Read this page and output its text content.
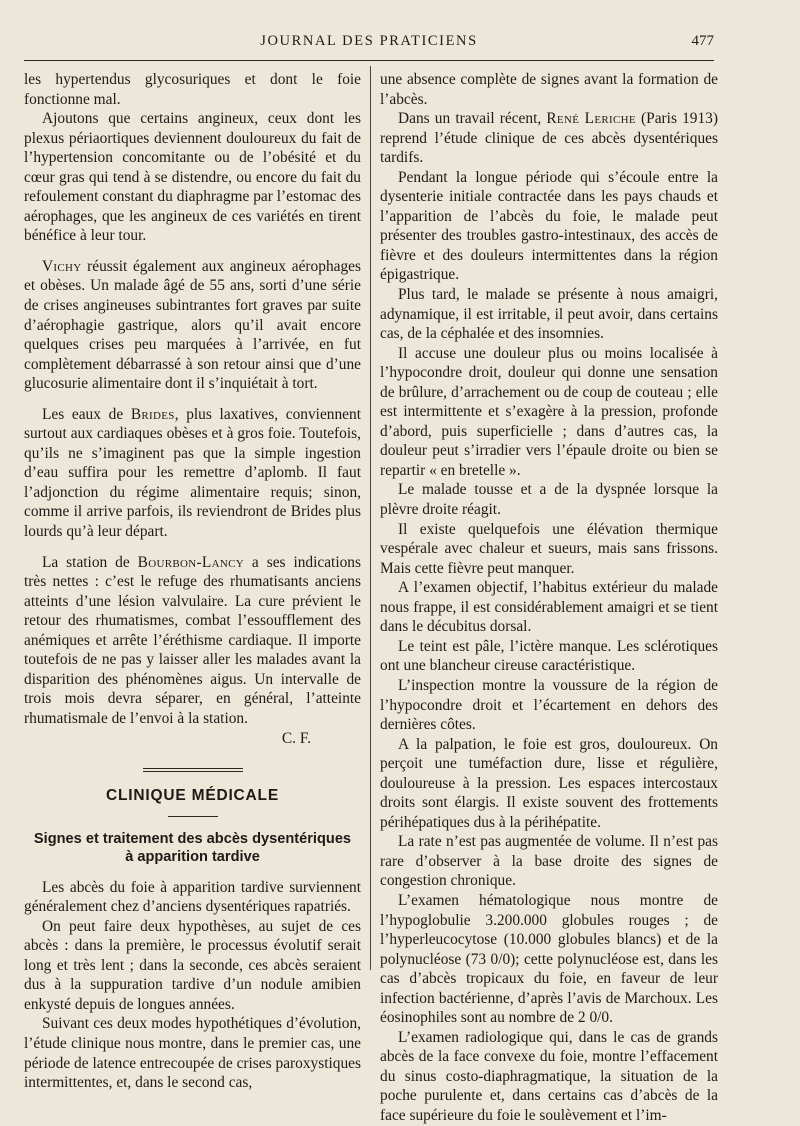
JOURNAL DES PRATICIENS	477

les hypertendus glycosuriques et dont le foie fonctionne mal.

Ajoutons que certains angineux, ceux dont les plexus périaortiques deviennent douloureux du fait de l’hypertension concomitante ou de l’obésité et du cœur gras qui tend à se distendre, ou encore du fait du refoulement constant du diaphragme par l’estomac des aérophages, que les angineux de ces variétés en tirent bénéfice à leur tour.

Vichy réussit également aux angineux aérophages et obèses. Un malade âgé de 55 ans, sorti d’une série de crises angineuses subintrantes fort graves par suite d’aérophagie gastrique, alors qu’il avait encore quelques crises peu marquées à l’arrivée, en fut complètement débarrassé à son retour ainsi que d’une glucosurie alimentaire dont il s’inquiétait à tort.

Les eaux de Brides, plus laxatives, conviennent surtout aux cardiaques obèses et à gros foie. Toutefois, qu’ils ne s’imaginent pas que la simple ingestion d’eau suffira pour les remettre d’aplomb. Il faut l’adjonction du régime alimentaire requis; sinon, comme il arrive parfois, ils reviendront de Brides plus lourds qu’à leur départ.

La station de Bourbon-Lancy a ses indications très nettes : c’est le refuge des rhumatisants anciens atteints d’une lésion valvulaire. La cure prévient le retour des rhumatismes, combat l’essoufflement des anémiques et arrête l’éréthisme cardiaque. Il importe toutefois de ne pas y laisser aller les malades avant la disparition des phénomènes aigus. Un intervalle de trois mois devra séparer, en général, l’atteinte rhumatismale de l’envoi à la station.

C. F.

CLINIQUE MÉDICALE
Signes et traitement des abcès dysentériques
à apparition tardive

Les abcès du foie à apparition tardive surviennent généralement chez d’anciens dysentériques rapatriés.

On peut faire deux hypothèses, au sujet de ces abcès : dans la première, le processus évolutif serait long et très lent ; dans la seconde, ces abcès seraient dus à la suppuration tardive d’un nodule amibien enkysté depuis de longues années.

Suivant ces deux modes hypothétiques d’évolution, l’étude clinique nous montre, dans le premier cas, une période de latence entrecoupée de crises paroxystiques intermittentes, et, dans le second cas,

une absence complète de signes avant la formation de l’abcès.

Dans un travail récent, René Leriche (Paris 1913) reprend l’étude clinique de ces abcès dysentériques tardifs.

Pendant la longue période qui s’écoule entre la dysenterie initiale contractée dans les pays chauds et l’apparition de l’abcès du foie, le malade peut présenter des troubles gastro-intestinaux, des accès de fièvre et des douleurs intermittentes dans la région épigastrique.

Plus tard, le malade se présente à nous amaigri, adynamique, il est irritable, il peut avoir, dans certains cas, de la céphalée et des insomnies.

Il accuse une douleur plus ou moins localisée à l’hypocondre droit, douleur qui donne une sensation de brûlure, d’arrachement ou de coup de couteau ; elle est intermittente et s’exagère à la pression, profonde d’abord, puis superficielle ; dans d’autres cas, la douleur peut s’irradier vers l’épaule droite ou bien se repartir « en bretelle ».

Le malade tousse et a de la dyspnée lorsque la plèvre droite réagit.

Il existe quelquefois une élévation thermique vespérale avec chaleur et sueurs, mais sans frissons. Mais cette fièvre peut manquer.

A l’examen objectif, l’habitus extérieur du malade nous frappe, il est considérablement amaigri et se tient dans le décubitus dorsal.

Le teint est pâle, l’ictère manque. Les sclérotiques ont une blancheur cireuse caractéristique.

L’inspection montre la voussure de la région de l’hypocondre droit et l’écartement en dehors des dernières côtes.

A la palpation, le foie est gros, douloureux. On perçoit une tuméfaction dure, lisse et régulière, douloureuse à la pression. Les espaces intercostaux droits sont élargis. Il existe souvent des frottements périhépatiques dus à la périhépatite.

La rate n’est pas augmentée de volume. Il n’est pas rare d’observer à la base droite des signes de congestion chronique.

L’examen hématologique nous montre de l’hypoglobulie 3.200.000 globules rouges ; de l’hyperleucocytose (10.000 globules blancs) et de la polynucléose (73 0/0); cette polynucléose est, dans les cas d’abcès tropicaux du foie, en faveur de leur infection bactérienne, d’après l’avis de Marchoux. Les éosinophiles sont au nombre de 2 0/0.

L’examen radiologique qui, dans le cas de grands abcès de la face convexe du foie, montre l’effacement du sinus costo-diaphragmatique, la situation de la poche purulente et, dans certains cas d’abcès de la face supérieure du foie le soulèvement et l’im-
